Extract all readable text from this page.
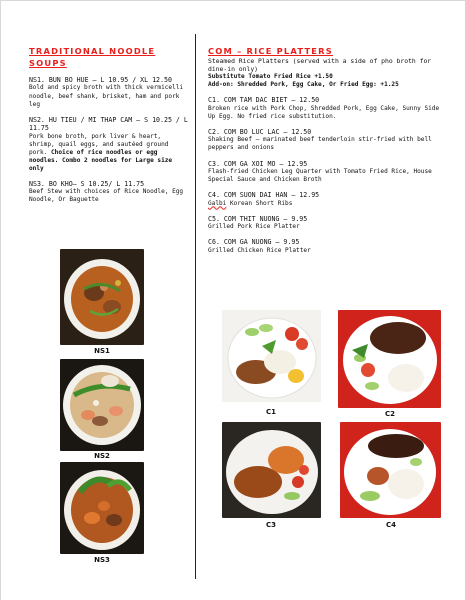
TRADITIONAL NOODLE SOUPS
NS1. BUN BO HUE – L 10.95 / XL 12.50
Bold and spicy broth with thick vermicelli noodle, beef shank, brisket, ham and pork leg
NS2. HU TIEU / MI THAP CAM – S 10.25 / L 11.75
Pork bone broth, pork liver & heart, shrimp, quail eggs, and sautéed ground pork. Choice of rice noodles or egg noodles. Combo 2 noodles for Large size only
NS3. BO KHO– S 10.25/ L 11.75
Beef Stew with choices of Rice Noodle, Egg Noodle, Or Baguette
COM – RICE PLATTERS
Steamed Rice Platters (served with a side of pho broth for dine-in only)
Substitute Tomato Fried Rice +1.50
Add-on: Shredded Pork, Egg Cake, Or Fried Egg: +1.25
C1. COM TAM DAC BIET – 12.50
Broken rice with Pork Chop, Shredded Pork, Egg Cake, Sunny Side Up Egg. No fried rice substitution.
C2. COM BO LUC LAC – 12.50
Shaking Beef – marinated beef tenderloin stir-fried with bell peppers and onions
C3. COM GA XOI MO – 12.95
Flash-fried Chicken Leg Quarter with Tomato Fried Rice, House Special Sauce and Chicken Broth
C4. COM SUON DAI HAN – 12.95
Galbi Korean Short Ribs
C5. COM THIT NUONG – 9.95
Grilled Pork Rice Platter
C6. COM GA NUONG – 9.95
Grilled Chicken Rice Platter
NS1
NS2
NS3
C1	C2
C3	C4
